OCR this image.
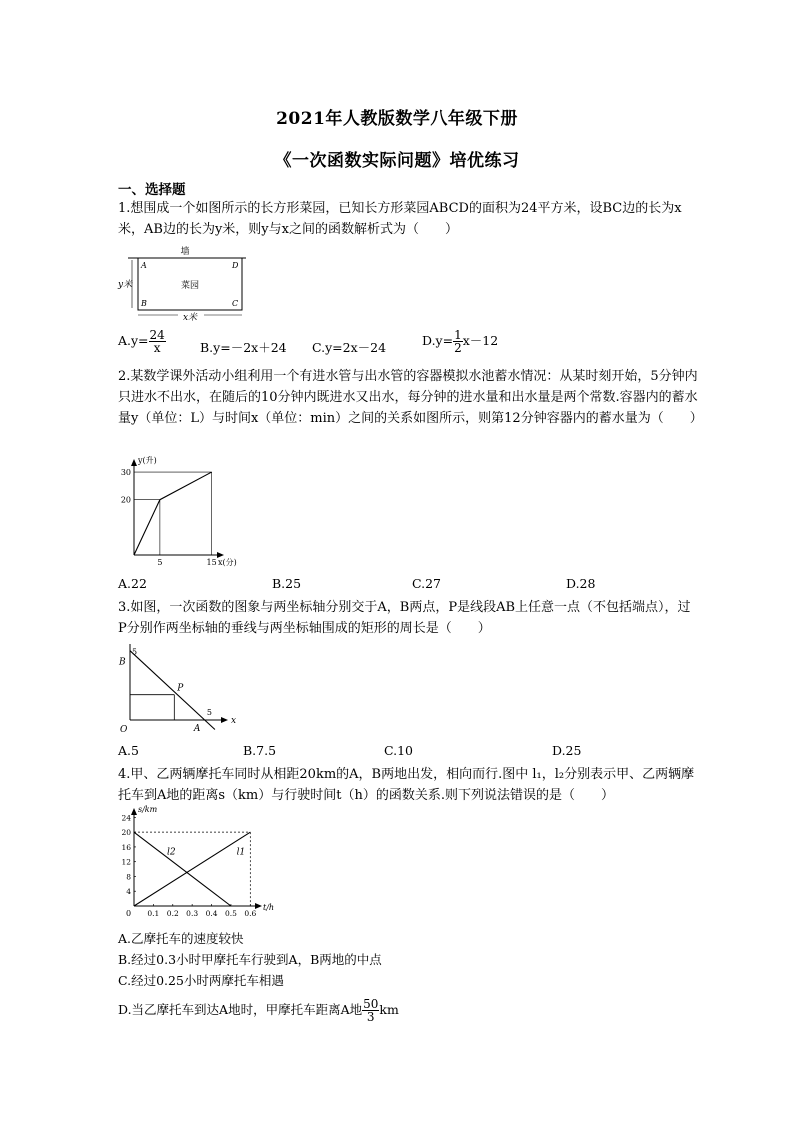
2021年人教版数学八年级下册
《一次函数实际问题》培优练习
一、选择题
1.想围成一个如图所示的长方形菜园，已知长方形菜园ABCD的面积为24平方米，设BC边的长为x米，AB边的长为y米，则y与x之间的函数解析式为（　　）
墙
菜园
A	D
B	C
y米
x米
$A.y= \frac{24}{x}$	B.y=－2x＋24 C.y=2x－24	$D.y= \frac{1}{2} x-12$
2.某数学课外活动小组利用一个有进水管与出水管的容器模拟水池蓄水情况：从某时刻开始，5分钟内只进水不出水，在随后的10分钟内既进水又出水，每分钟的进水量和出水量是两个常数.容器内的蓄水量y（单位：L）与时间x（单位：min）之间的关系如图所示，则第12分钟容器内的蓄水量为（　　）
y(升)
x(分)
5	15
20
30
A.22	B.25	C.27	D.28
3.如图，一次函数的图象与两坐标轴分别交于A，B两点，P是线段AB上任意一点（不包括端点），过P分别作两坐标轴的垂线与两坐标轴围成的矩形的周长是（　　）
x
O
B
5
P
A
5
A.5	B.7.5	C.10	D.25
4.甲、乙两辆摩托车同时从相距20km的A，B两地出发，相向而行.图中 l₁，l₂分别表示甲、乙两辆摩托车到A地的距离s（km）与行驶时间t（h）的函数关系.则下列说法错误的是（　　）
s/km
t/h
0 0.1 0.2 0.3 0.4 0.5 0.6
4
8
12
16
20
24
l1
l2
A.乙摩托车的速度较快
B.经过0.3小时甲摩托车行驶到A，B两地的中点
C.经过0.25小时两摩托车相遇
D.当乙摩托车到达A地时，甲摩托车距离A地 $\frac{50}{3}$ km
